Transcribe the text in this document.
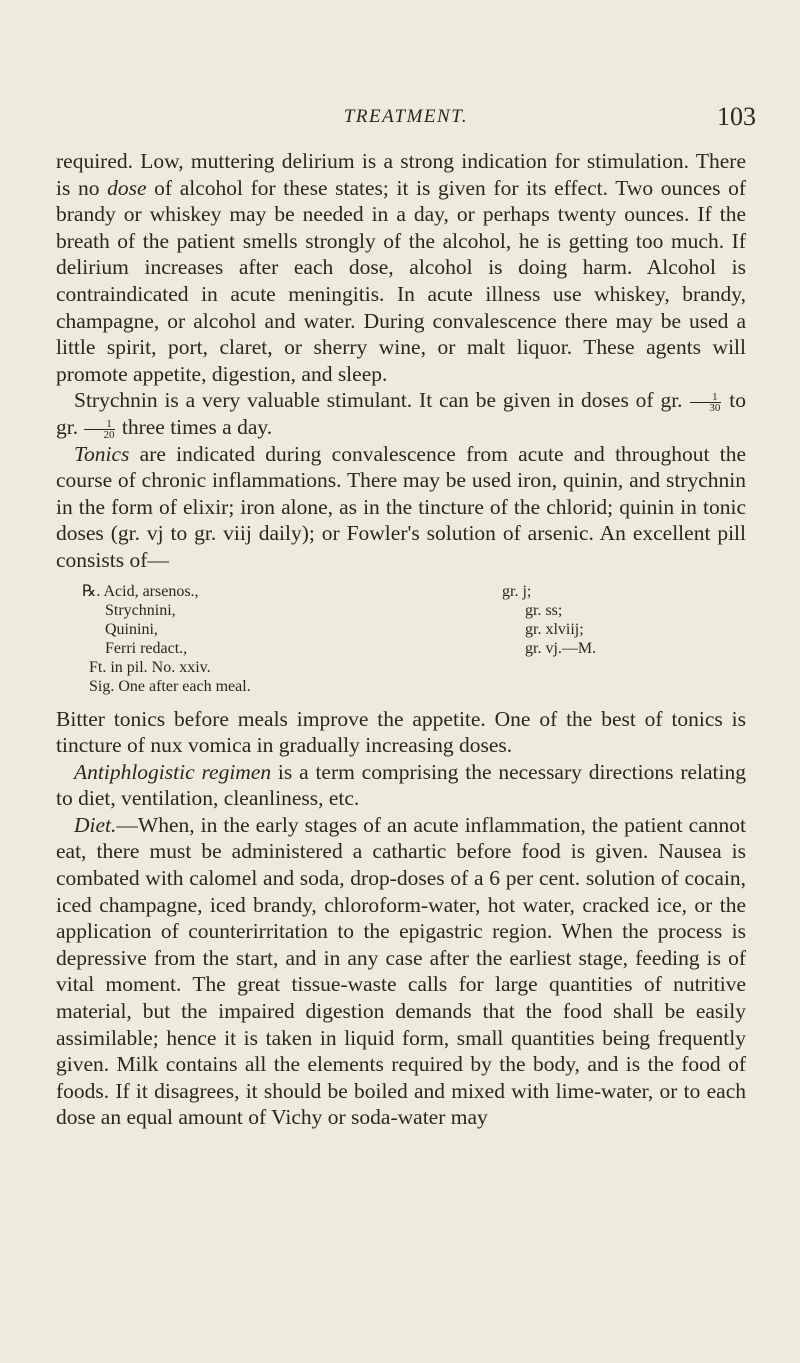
TREATMENT.	103

required. Low, muttering delirium is a strong indication for stimulation. There is no dose of alcohol for these states; it is given for its effect. Two ounces of brandy or whiskey may be needed in a day, or perhaps twenty ounces. If the breath of the patient smells strongly of the alcohol, he is getting too much. If delirium increases after each dose, alcohol is doing harm. Alcohol is contraindicated in acute meningitis. In acute illness use whiskey, brandy, champagne, or alcohol and water. During convalescence there may be used a little spirit, port, claret, or sherry wine, or malt liquor. These agents will promote appetite, digestion, and sleep.

Strychnin is a very valuable stimulant. It can be given in doses of gr. $\frac{1}{30}$ to gr. $\frac{1}{20}$ three times a day.

Tonics are indicated during convalescence from acute and throughout the course of chronic inflammations. There may be used iron, quinin, and strychnin in the form of elixir; iron alone, as in the tincture of the chlorid; quinin in tonic doses (gr. vj to gr. viij daily); or Fowler's solution of arsenic. An excellent pill consists of—

℞. Acid, arsenos.,	gr. j;
Strychnini,	gr. ss;
Quinini,	gr. xlviij;
Ferri redact.,	gr. vj.—M.
Ft. in pil. No. xxiv.
Sig. One after each meal.

Bitter tonics before meals improve the appetite. One of the best of tonics is tincture of nux vomica in gradually increasing doses.

Antiphlogistic regimen is a term comprising the necessary directions relating to diet, ventilation, cleanliness, etc.

Diet.—When, in the early stages of an acute inflammation, the patient cannot eat, there must be administered a cathartic before food is given. Nausea is combated with calomel and soda, drop-doses of a 6 per cent. solution of cocain, iced champagne, iced brandy, chloroform-water, hot water, cracked ice, or the application of counterirritation to the epigastric region. When the process is depressive from the start, and in any case after the earliest stage, feeding is of vital moment. The great tissue-waste calls for large quantities of nutritive material, but the impaired digestion demands that the food shall be easily assimilable; hence it is taken in liquid form, small quantities being frequently given. Milk contains all the elements required by the body, and is the food of foods. If it disagrees, it should be boiled and mixed with lime-water, or to each dose an equal amount of Vichy or soda-water may
